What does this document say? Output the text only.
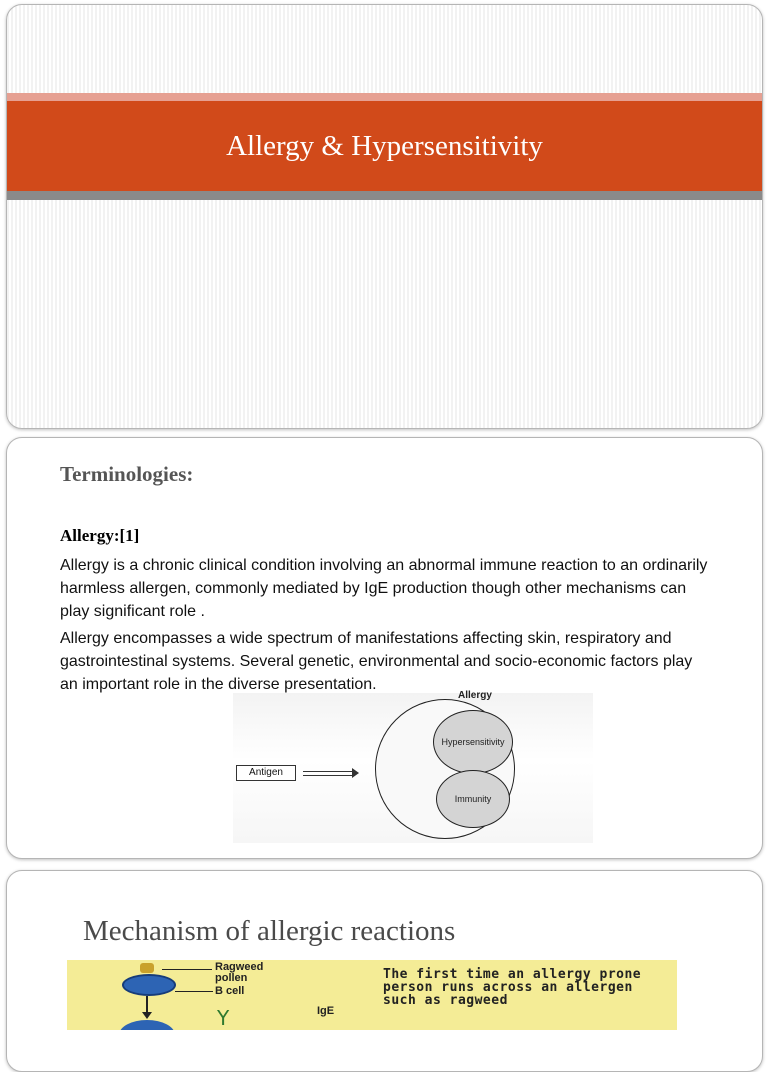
Allergy & Hypersensitivity
Terminologies:
Allergy:[1]
Allergy is a chronic clinical condition involving an abnormal immune reaction to an ordinarily harmless allergen, commonly mediated by IgE production though other mechanisms can play significant role .
Allergy encompasses a wide spectrum of manifestations affecting skin, respiratory and gastrointestinal systems. Several genetic, environmental and socio-economic factors play an important role in the diverse presentation.
Antigen
Allergy
Hypersensitivity
Immunity
Mechanism of allergic reactions
Ragweed pollen
B cell
Y	IgE
The first time an allergy prone person runs across an allergen such as ragweed
